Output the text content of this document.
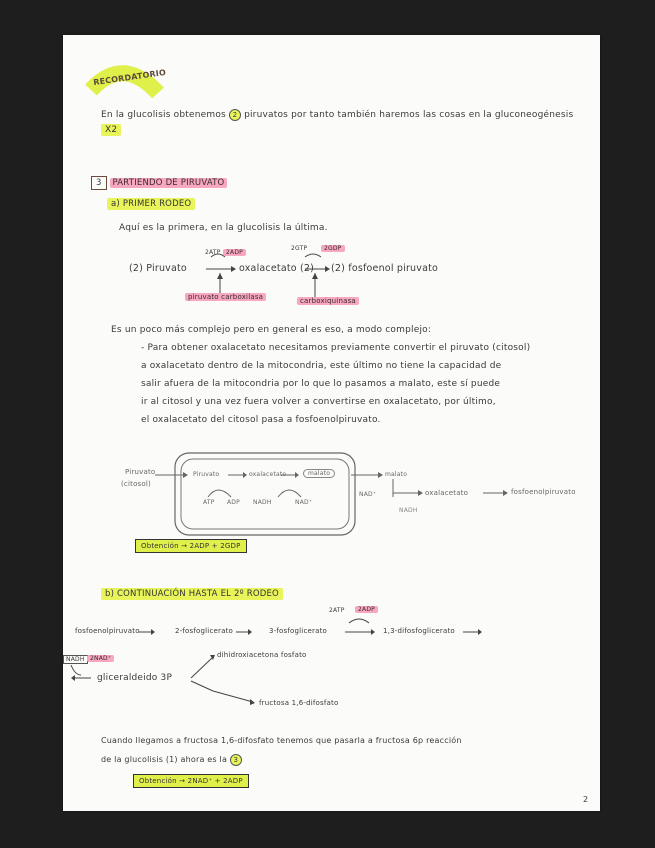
RECORDATORIO
En la glucolisis obtenemos 2 piruvatos por tanto también haremos las cosas en la gluconeogénesis
X2
3 PARTIENDO DE PIRUVATO
a) PRIMER RODEO
Aquí es la primera, en la glucolisis la última.
2ATP 2ADP
2GTP	2GDP
(2) Piruvato	oxalacetato (2) (2) fosfoenol piruvato
piruvato carboxilasa	carboxiquinasa
Es un poco más complejo pero en general es eso, a modo complejo:
- Para obtener oxalacetato necesitamos previamente convertir el piruvato (citosol)
a oxalacetato dentro de la mitocondria, este último no tiene la capacidad de
salir afuera de la mitocondria por lo que lo pasamos a malato, este sí puede
ir al citosol y una vez fuera volver a convertirse en oxalacetato, por último,
el oxalacetato del citosol pasa a fosfoenolpiruvato.
Piruvato
(citosol)
Piruvato	oxalacetato	malato
ATP ADP NADH	NAD⁺
malato
NAD⁺
NADH
oxalacetato	fosfoenolpiruvato
Obtención → 2ADP + 2GDP
b) CONTINUACIÓN HASTA EL 2º RODEO
2ATP	2ADP
fosfoenolpiruvato	2-fosfoglicerato	3-fosfoglicerato	1,3-difosfoglicerato
NADH 2NAD⁺
gliceraldeido 3P
dihidroxiacetona fosfato
fructosa 1,6-difosfato
Cuando llegamos a fructosa 1,6-difosfato tenemos que pasarla a fructosa 6p reacción
de la glucolisis (1) ahora es la 3
Obtención → 2NAD⁺ + 2ADP
2
